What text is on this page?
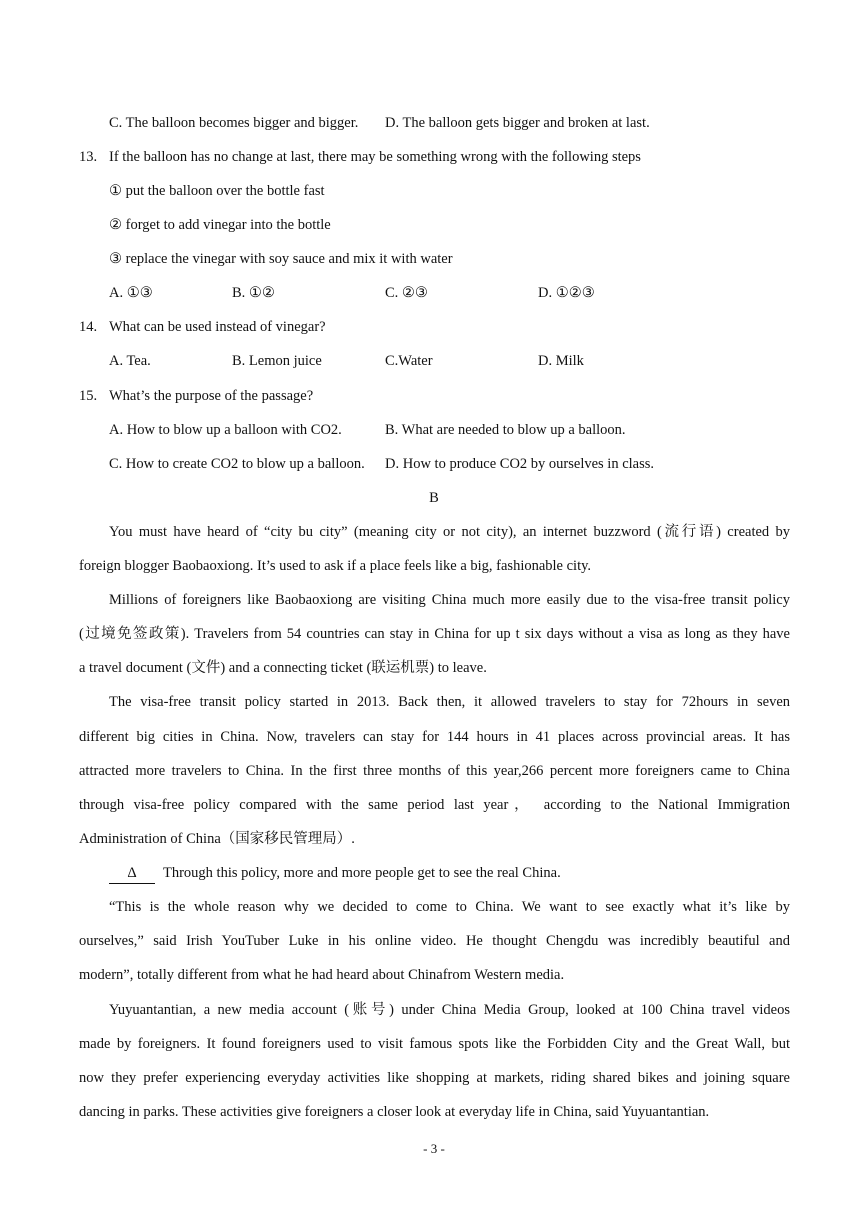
C. The balloon becomes bigger and bigger. D. The balloon gets bigger and broken at last.
13. If the balloon has no change at last, there may be something wrong with the following steps
① put the balloon over the bottle fast
② forget to add vinegar into the bottle
③ replace the vinegar with soy sauce and mix it with water
A. ①③	B. ①②	C. ②③	D. ①②③
14. What can be used instead of vinegar?
A. Tea.	B. Lemon juice	C.Water	D. Milk
15. What’s the purpose of the passage?
A. How to blow up a balloon with CO2.	B. What are needed to blow up a balloon.
C. How to create CO2 to blow up a balloon. D. How to produce CO2 by ourselves in class.
B
You must have heard of “city bu city” (meaning city or not city), an internet buzzword (流行语) created by
foreign blogger Baobaoxiong. It’s used to ask if a place feels like a big, fashionable city.
Millions of foreigners like Baobaoxiong are visiting China much more easily due to the visa-free transit policy
(过境免签政策). Travelers from 54 countries can stay in China for up t six days without a visa as long as they have
a travel document (文件) and a connecting ticket (联运机票) to leave.
The visa-free transit policy started in 2013. Back then, it allowed travelers to stay for 72hours in seven
different big cities in China. Now, travelers can stay for 144 hours in 41 places across provincial areas. It has
attracted more travelers to China. In the first three months of this year,266 percent more foreigners came to China
through visa-free policy compared with the same period last year， according to the National Immigration
Administration of China（国家移民管理局）.
Δ Through this policy, more and more people get to see the real China.
“This is the whole reason why we decided to come to China. We want to see exactly what it’s like by
ourselves,” said Irish YouTuber Luke in his online video. He thought Chengdu was incredibly beautiful and
modern”, totally different from what he had heard about Chinafrom Western media.
Yuyuantantian, a new media account (账号) under China Media Group, looked at 100 China travel videos
made by foreigners. It found foreigners used to visit famous spots like the Forbidden City and the Great Wall, but
now they prefer experiencing everyday activities like shopping at markets, riding shared bikes and joining square
dancing in parks. These activities give foreigners a closer look at everyday life in China, said Yuyuantantian.
- 3 -
